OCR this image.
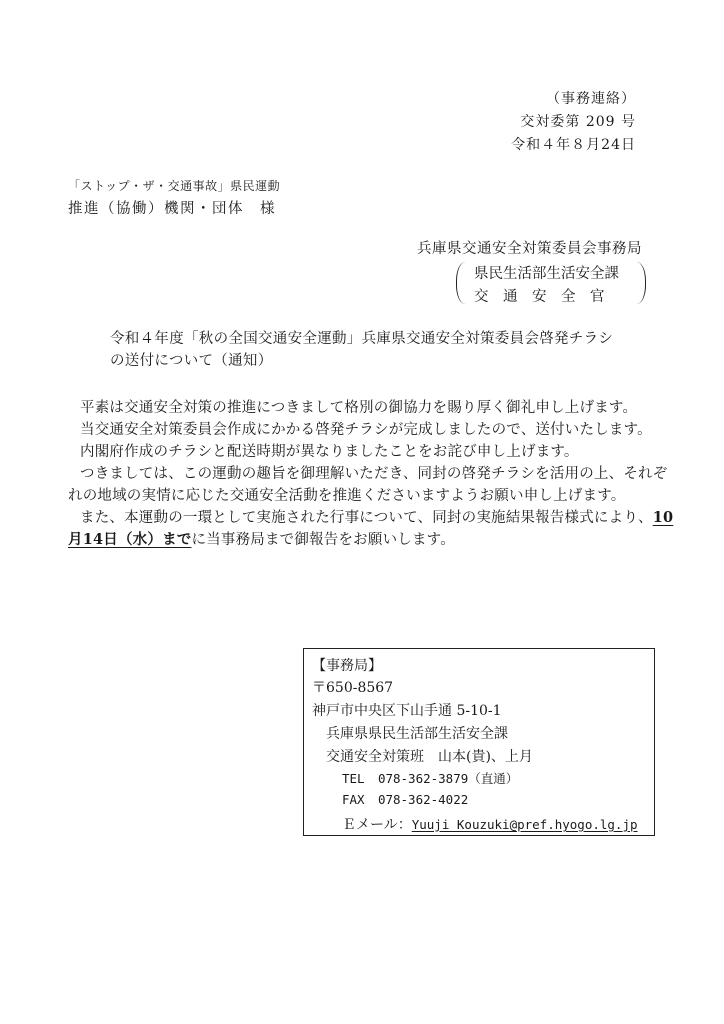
（事務連絡）
交対委第 209 号
令和４年８月24日
「ストップ・ザ・交通事故」県民運動
推進（協働）機関・団体　様
兵庫県交通安全対策委員会事務局
県民生活部生活安全課
交　通　安　全　官
令和４年度「秋の全国交通安全運動」兵庫県交通安全対策委員会啓発チラシ
の送付について（通知）
平素は交通安全対策の推進につきまして格別の御協力を賜り厚く御礼申し上げます。
当交通安全対策委員会作成にかかる啓発チラシが完成しましたので、送付いたします。
内閣府作成のチラシと配送時期が異なりましたことをお詫び申し上げます。
つきましては、この運動の趣旨を御理解いただき、同封の啓発チラシを活用の上、それぞ
れの地域の実情に応じた交通安全活動を推進くださいますようお願い申し上げます。
また、本運動の一環として実施された行事について、同封の実施結果報告様式により、10
月14日（水）までに当事務局まで御報告をお願いします。
【事務局】
〒650-8567
神戸市中央区下山手通 5-10-1
兵庫県県民生活部生活安全課
交通安全対策班　山本(貴)、上月
TEL 078-362-3879（直通）
FAX 078-362-4022
Ｅメール：Yuuji_Kouzuki@pref.hyogo.lg.jp
